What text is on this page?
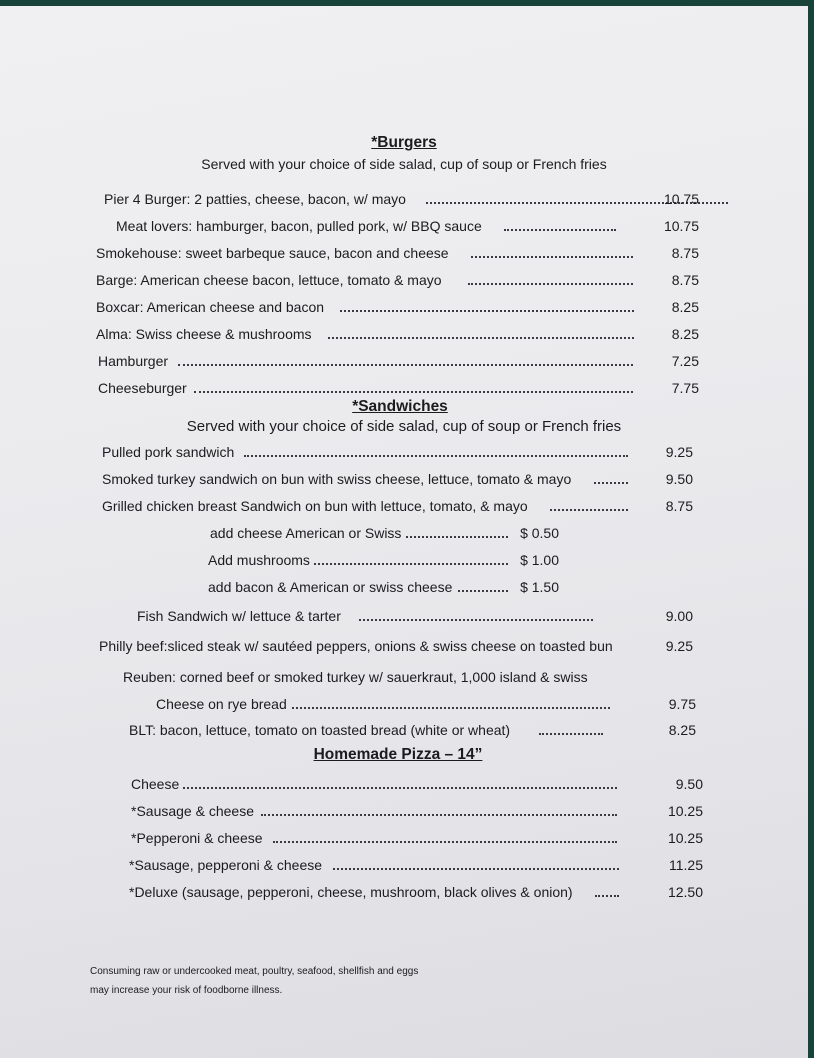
*Burgers
Served with your choice of side salad, cup of soup or French fries
Pier 4 Burger: 2 patties, cheese, bacon, w/ mayo	10.75
Meat lovers: hamburger, bacon, pulled pork, w/ BBQ sauce	10.75
Smokehouse: sweet barbeque sauce, bacon and cheese	8.75
Barge: American cheese bacon, lettuce, tomato & mayo	8.75
Boxcar: American cheese and bacon	8.25
Alma: Swiss cheese & mushrooms	8.25
Hamburger	7.25
Cheeseburger	7.75
*Sandwiches
Served with your choice of side salad, cup of soup or French fries
Pulled pork sandwich	9.25
Smoked turkey sandwich on bun with swiss cheese, lettuce, tomato & mayo	9.50
Grilled chicken breast Sandwich on bun with lettuce, tomato, & mayo	8.75
add cheese American or Swiss	$ 0.50
Add mushrooms	$ 1.00
add bacon & American or swiss cheese	$ 1.50
Fish Sandwich w/ lettuce & tarter	9.00
Philly beef:sliced steak w/ sautéed peppers, onions & swiss cheese on toasted bun	9.25
Reuben: corned beef or smoked turkey w/ sauerkraut, 1,000 island & swiss
Cheese on rye bread	9.75
BLT: bacon, lettuce, tomato on toasted bread (white or wheat)	8.25
Homemade Pizza – 14”
Cheese	9.50
*Sausage & cheese	10.25
*Pepperoni & cheese	10.25
*Sausage, pepperoni & cheese	11.25
*Deluxe (sausage, pepperoni, cheese, mushroom, black olives & onion)	12.50
Consuming raw or undercooked meat, poultry, seafood, shellfish and eggs
may increase your risk of foodborne illness.
